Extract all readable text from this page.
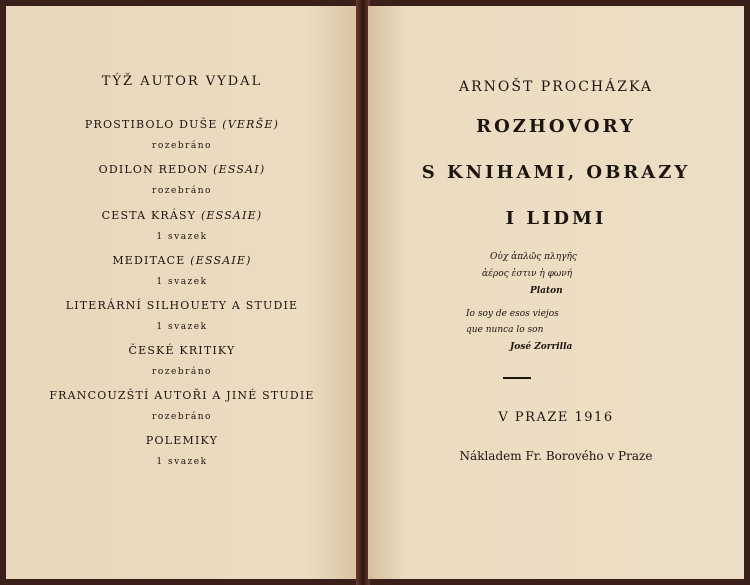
TÝŽ AUTOR VYDAL
PROSTIBOLO DUŠE (VERŠE)
rozebráno
ODILON REDON (ESSAI)
rozebráno
CESTA KRÁSY (ESSAIE)
1 svazek
MEDITACE (ESSAIE)
1 svazek
LITERÁRNÍ SILHOUETY A STUDIE
1 svazek
ČESKÉ KRITIKY
rozebráno
FRANCOUZŠTÍ AUTOŘI A JINÉ STUDIE
rozebráno
POLEMIKY
1 svazek
ARNOŠT PROCHÁZKA
ROZHOVORY
S KNIHAMI, OBRAZY
I LIDMI
Οὐχ ἁπλῶς πληγῆς
ἀέρος ἐστιν ἡ φωνή
Platon
Io soy de esos viejos
que nunca lo son
José Zorrilla
V PRAZE 1916
Nákladem Fr. Borového v Praze
